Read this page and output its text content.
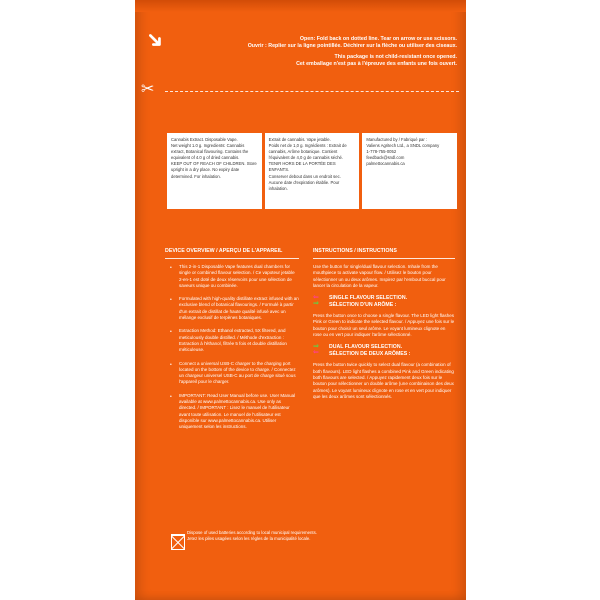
➜	Open: Fold back on dotted line. Tear on arrow or use scissors.
Ouvrir : Replier sur la ligne pointillée. Déchirer sur la flèche ou utiliser des ciseaux.
This package is not child-resistant once opened.
Cet emballage n'est pas à l'épreuve des enfants une fois ouvert.
✂
Cannabis Extract. Disposable Vape.
Net weight 1.0 g. Ingredients: Cannabis
extract, Botanical flavouring. Contains the
equivalent of 4.0 g of dried cannabis.
KEEP OUT OF REACH OF CHILDREN. Store
upright in a dry place. No expiry date
determined. For inhalation.
Extrait de cannabis. Vape jetable.
Poids net de 1,0 g. Ingrédients : Extrait de
cannabis, Arôme botanique. Contient
l'équivalent de 4,0 g de cannabis séché.
TENIR HORS DE LA PORTÉE DES ENFANTS.
Conserver debout dans un endroit sec.
Aucune date d'expiration établie. Pour
inhalation.
Manufactured by / Fabriqué par :
Valiens Agritech Ltd., a SNDL company
1-778-755-0052
feedback@sndl.com
palmettocannabis.ca
DEVICE OVERVIEW / APERÇU DE L'APPAREIL
• This 2-in-1 Disposable Vape features dual chambers for single or combined flavour selection. / Ce vapoteur jetable 2-en-1 est doté de deux réservoirs pour une sélection de saveurs unique ou combinée.
• Formulated with high-quality distillate extract infused with an exclusive blend of botanical flavourings. / Formulé à partir d'un extrait de distillat de haute qualité infusé avec un mélange exclusif de terpènes botaniques.
• Extraction Method: Ethanol extracted, 5X filtered, and meticulously double distilled. / Méthode d'extraction : Extraction à l'éthanol, filtrée 5 fois et double distillation méticuleuse.
• Connect a universal USB-C charger to the charging port located on the bottom of the device to charge. / Connectez un chargeur universel USB-C au port de charge situé sous l'appareil pour le charger.
• IMPORTANT: Read User Manual before use. User Manual available at www.palmettocannabis.ca. Use only as directed. / IMPORTANT : Lisez le manuel de l'utilisateur avant toute utilisation. Le manuel de l'utilisateur est disponible sur www.palmettocannabis.ca. Utiliser uniquement selon les instructions.
INSTRUCTIONS / INSTRUCTIONS
Use the button for single/dual flavour selection. Inhale from the mouthpiece to activate vapour flow. / Utilisez le bouton pour sélectionner un ou deux arômes. Inspirez par l'embout buccal pour lancer la circulation de la vapeur.
⇐
⇒
SINGLE FLAVOUR SELECTION.
SÉLECTION D'UN ARÔME :
Press the button once to choose a single flavour. The LED light flashes Pink or Green to indicate the selected flavour. / Appuyez une fois sur le bouton pour choisir un seul arôme. Le voyant lumineux clignote en rose ou en vert pour indiquer l'arôme sélectionné.
⇒
⇐
DUAL FLAVOUR SELECTION.
SÉLECTION DE DEUX ARÔMES :
Press the button twice quickly to select dual flavour (a combination of both flavours). LED light flashes a combined Pink and Green indicating both flavours are selected. / Appuyez rapidement deux fois sur le bouton pour sélectionner un double arôme (une combinaison des deux arômes). Le voyant lumineux clignote en rose et en vert pour indiquer que les deux arômes sont sélectionnés.
Dispose of used batteries according to local municipal requirements.
Jetez les piles usagées selon les règles de la municipalité locale.
